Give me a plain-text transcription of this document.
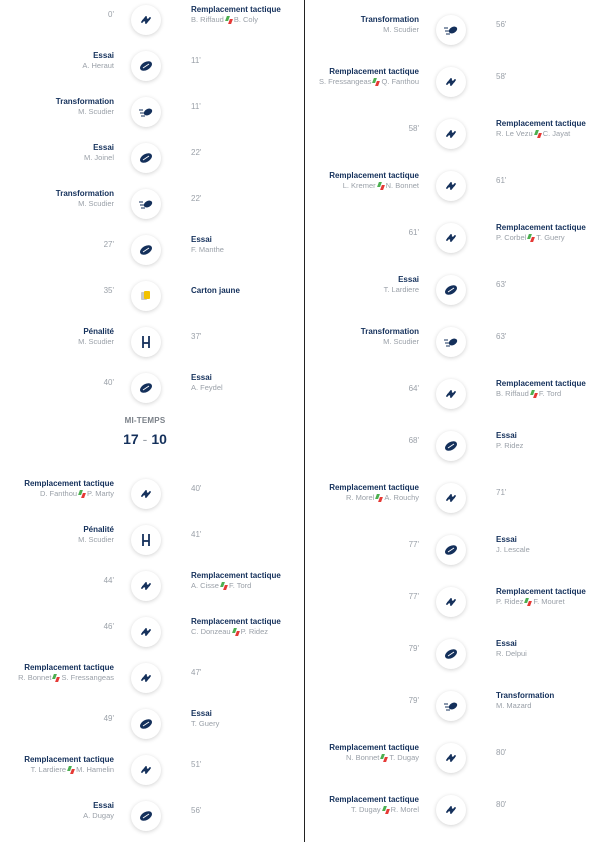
0'
Remplacement tactique
B. Riffaud B. Coly
11'
Essai
A. Heraut
11'
Transformation
M. Scudier
22'
Essai
M. Joinel
22'
Transformation
M. Scudier
27'
Essai
F. Manthe
35'	Carton jaune
37'
Pénalité
M. Scudier
40'
Essai
A. Feydel
40'
Remplacement tactique
D. Fanthou P. Marty
41'
Pénalité
M. Scudier
44'
Remplacement tactique
A. Cisse F. Tord
46'
Remplacement tactique
C. Donzeau P. Ridez
47'
Remplacement tactique
R. Bonnet S. Fressangeas
49'
Essai
T. Guery
51'
Remplacement tactique
T. Lardiere M. Hamelin
56'
Essai
A. Dugay
56'
Transformation
M. Scudier
58'
Remplacement tactique
S. Fressangeas Q. Fanthou
58'
Remplacement tactique
R. Le Vezu C. Jayat
61'
Remplacement tactique
L. Kremer N. Bonnet
61'
Remplacement tactique
P. Corbel T. Guery
63'
Essai
T. Lardiere
63'
Transformation
M. Scudier
64'
Remplacement tactique
B. Riffaud F. Tord
68'
Essai
P. Ridez
71'
Remplacement tactique
R. Morel A. Rouchy
77'
Essai
J. Lescale
77'
Remplacement tactique
P. Ridez F. Mouret
79'
Essai
R. Delpui
79'
Transformation
M. Mazard
80'
Remplacement tactique
N. Bonnet T. Dugay
80'
Remplacement tactique
T. Dugay R. Morel
MI-TEMPS
17 - 10
